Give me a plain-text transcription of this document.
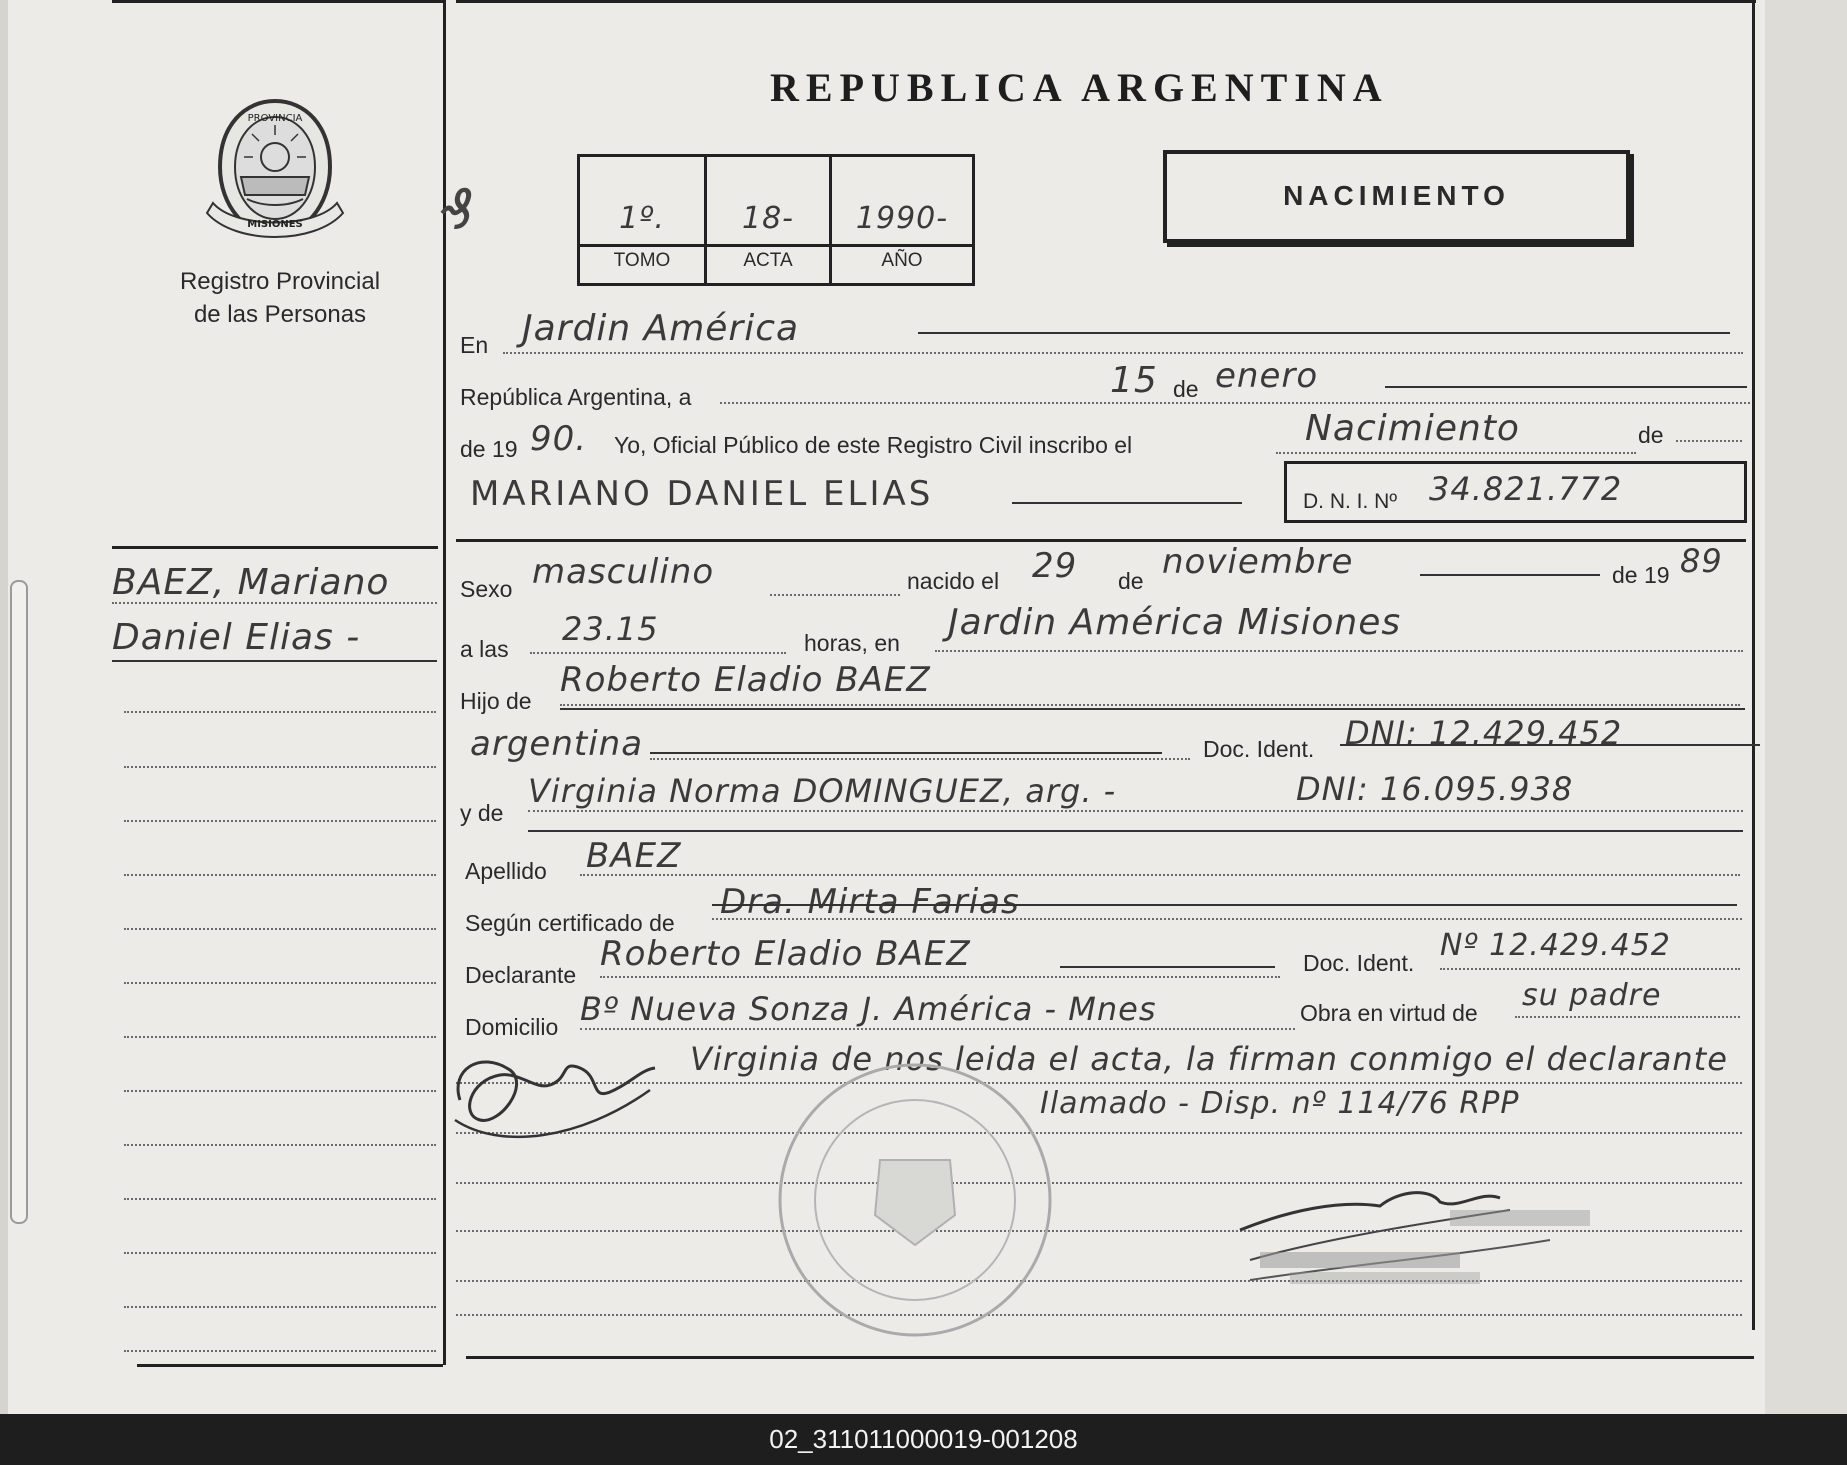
PROVINCIA
MISIONES
Registro Provincial
de las Personas
REPUBLICA ARGENTINA
₰	1º.	18-	1990-
TOMO	ACTA	AÑO
NACIMIENTO
BAEZ, Mariano
Daniel Elias -
En Jardin América
República Argentina, a	15 de enero
de 19 90. Yo, Oficial Público de este Registro Civil inscribo el	Nacimiento	de
MARIANO DANIEL ELIAS	D. N. I. Nº 34.821.772
Sexo masculino	nacido el 29 de noviembre	de 19 89
a las
23.15	horas, en Jardin América Misiones
Hijo de
Roberto Eladio BAEZ
argentina	Doc. Ident. DNI: 12.429.452
y de
Virginia Norma DOMINGUEZ, arg. -	DNI: 16.095.938
Apellido BAEZ
Según certificado de
Dra. Mirta Farias
Declarante
Roberto Eladio BAEZ	Doc. Ident. Nº 12.429.452
Domicilio Bº Nueva Sonza J. América - Mnes	Obra en virtud de su padre
Virginia de nos leida el acta, la firman conmigo el declarante
Ilamado - Disp. nº 114/76 RPP
02_311011000019-001208
